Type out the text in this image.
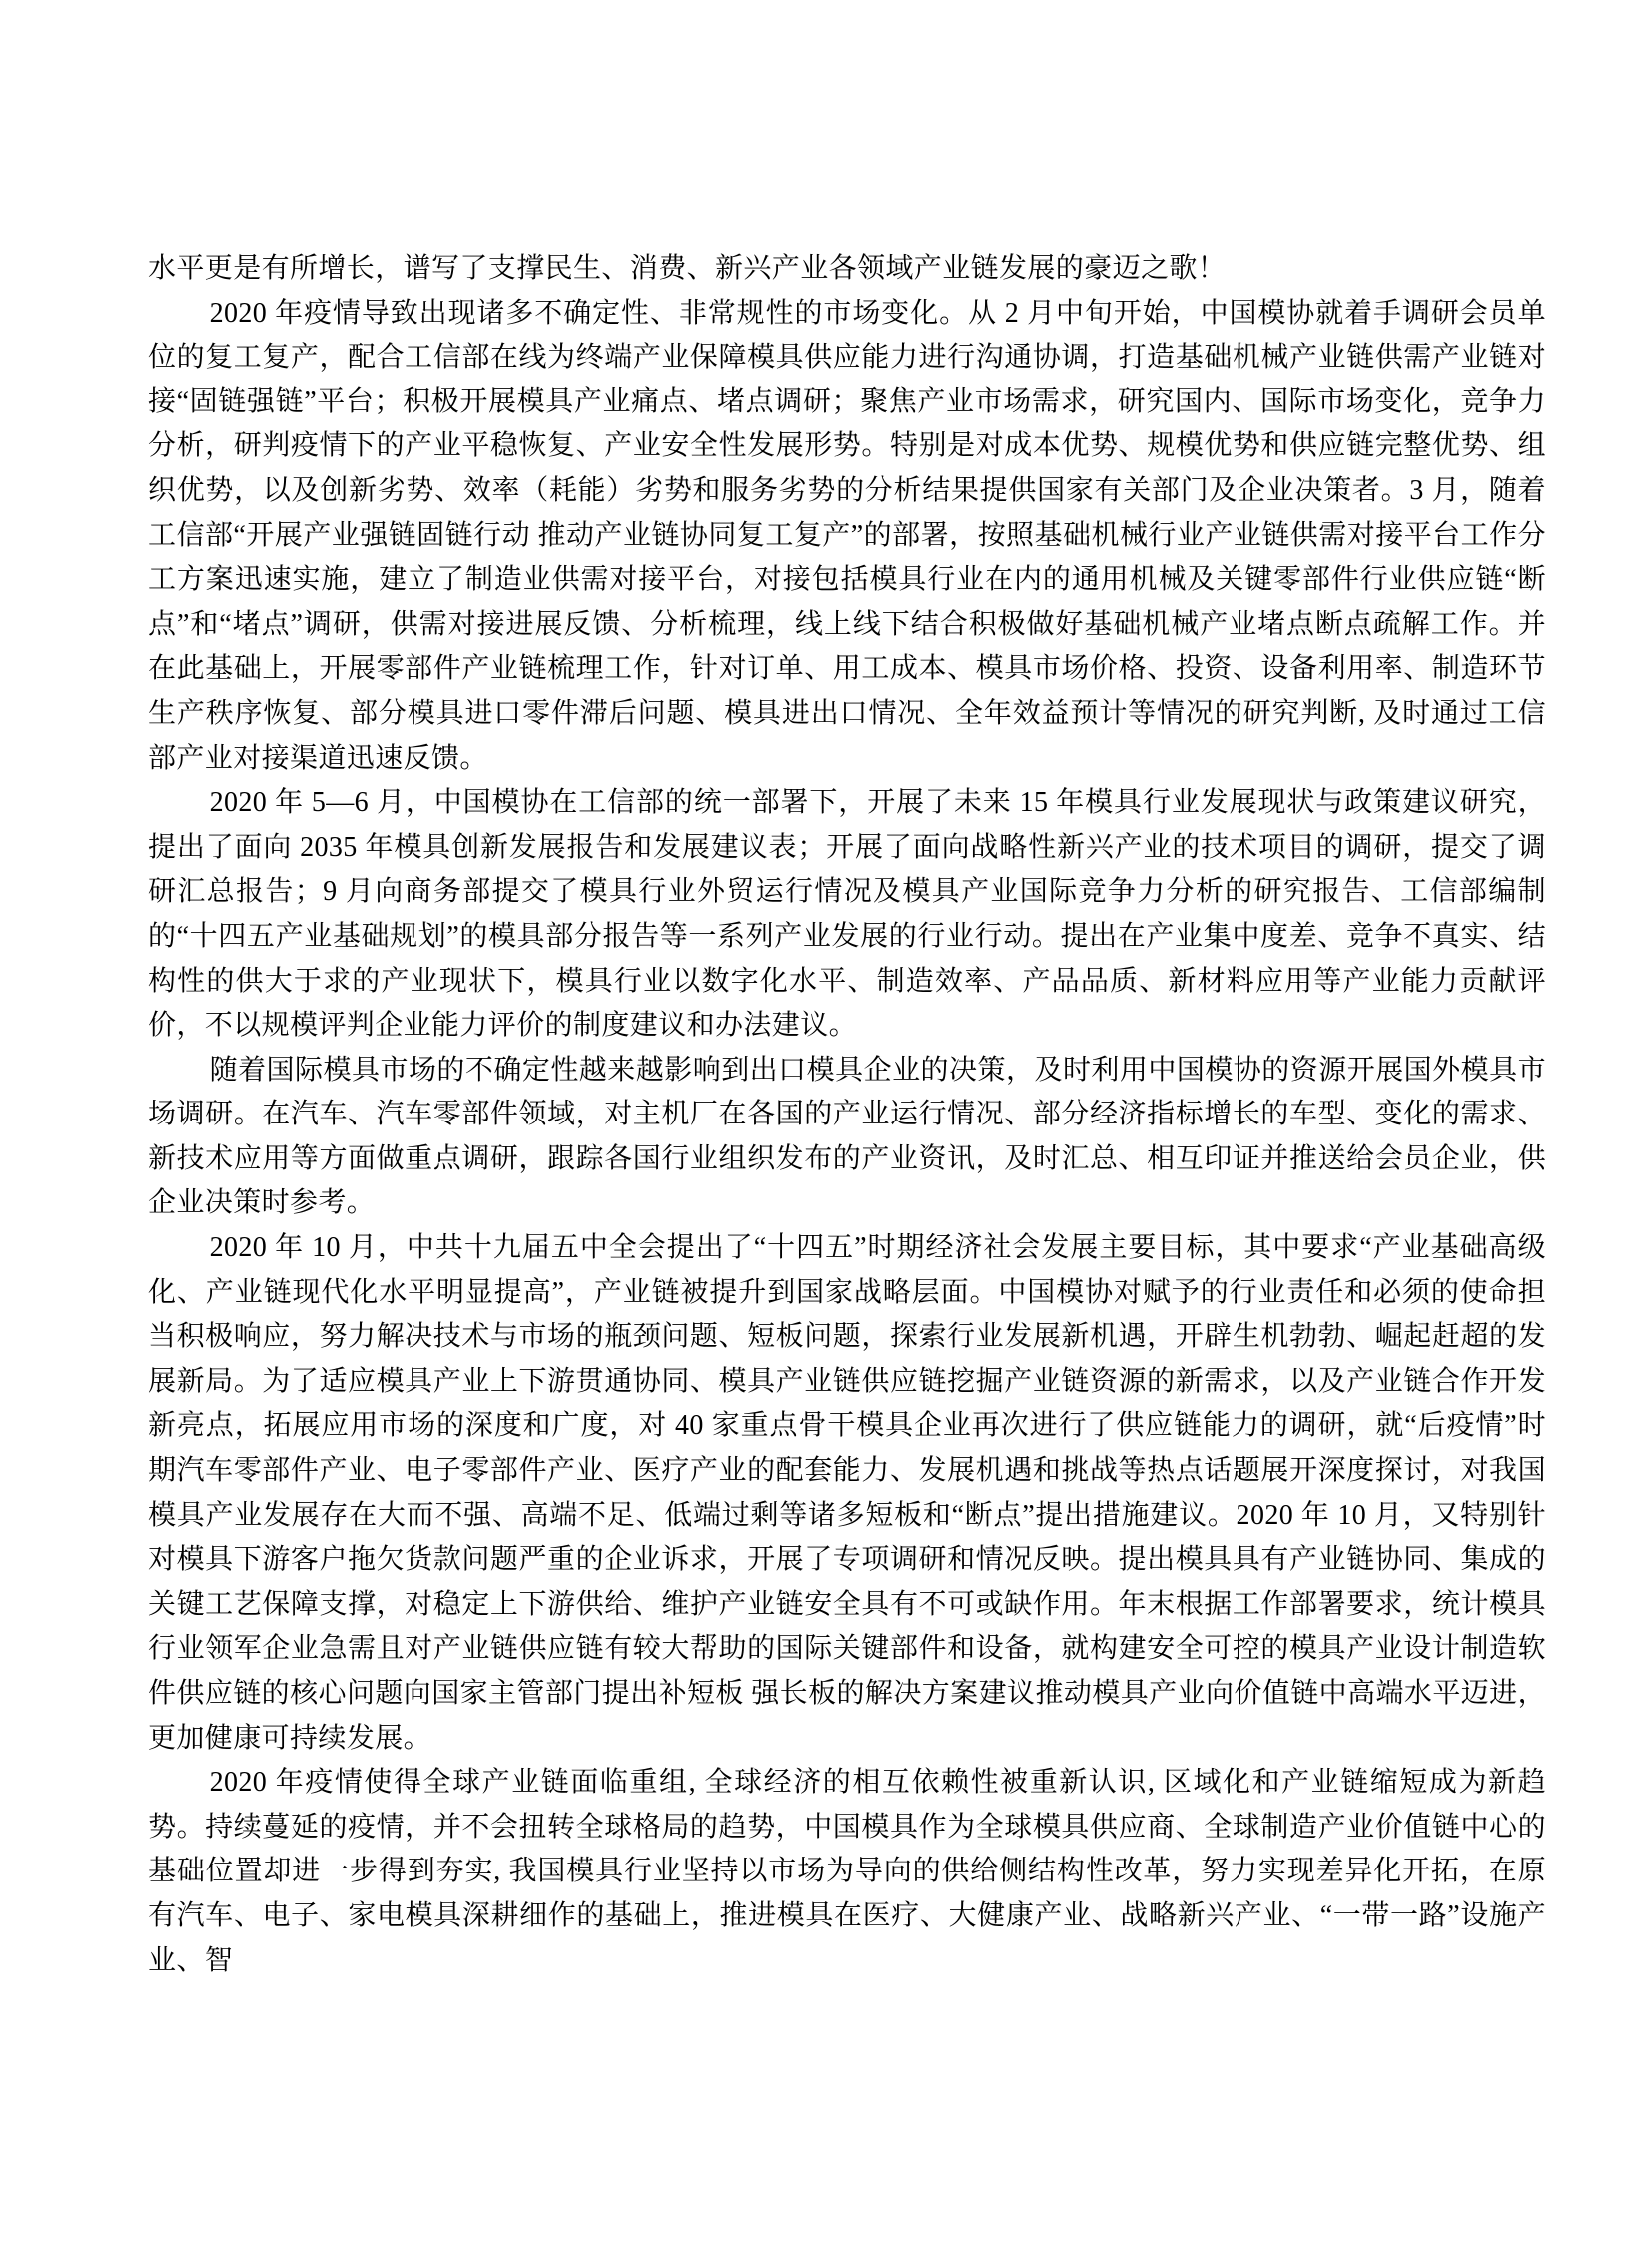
水平更是有所增长，谱写了支撑民生、消费、新兴产业各领域产业链发展的豪迈之歌！

2020 年疫情导致出现诸多不确定性、非常规性的市场变化。从 2 月中旬开始，中国模协就着手调研会员单位的复工复产，配合工信部在线为终端产业保障模具供应能力进行沟通协调，打造基础机械产业链供需产业链对接“固链强链”平台；积极开展模具产业痛点、堵点调研；聚焦产业市场需求，研究国内、国际市场变化，竞争力分析，研判疫情下的产业平稳恢复、产业安全性发展形势。特别是对成本优势、规模优势和供应链完整优势、组织优势，以及创新劣势、效率（耗能）劣势和服务劣势的分析结果提供国家有关部门及企业决策者。3 月，随着工信部“开展产业强链固链行动 推动产业链协同复工复产”的部署，按照基础机械行业产业链供需对接平台工作分工方案迅速实施，建立了制造业供需对接平台，对接包括模具行业在内的通用机械及关键零部件行业供应链“断点”和“堵点”调研，供需对接进展反馈、分析梳理，线上线下结合积极做好基础机械产业堵点断点疏解工作。并在此基础上，开展零部件产业链梳理工作，针对订单、用工成本、模具市场价格、投资、设备利用率、制造环节生产秩序恢复、部分模具进口零件滞后问题、模具进出口情况、全年效益预计等情况的研究判断, 及时通过工信部产业对接渠道迅速反馈。

2020 年 5—6 月，中国模协在工信部的统一部署下，开展了未来 15 年模具行业发展现状与政策建议研究，提出了面向 2035 年模具创新发展报告和发展建议表；开展了面向战略性新兴产业的技术项目的调研，提交了调研汇总报告；9 月向商务部提交了模具行业外贸运行情况及模具产业国际竞争力分析的研究报告、工信部编制的“十四五产业基础规划”的模具部分报告等一系列产业发展的行业行动。提出在产业集中度差、竞争不真实、结构性的供大于求的产业现状下，模具行业以数字化水平、制造效率、产品品质、新材料应用等产业能力贡献评价，不以规模评判企业能力评价的制度建议和办法建议。

随着国际模具市场的不确定性越来越影响到出口模具企业的决策，及时利用中国模协的资源开展国外模具市场调研。在汽车、汽车零部件领域，对主机厂在各国的产业运行情况、部分经济指标增长的车型、变化的需求、新技术应用等方面做重点调研，跟踪各国行业组织发布的产业资讯，及时汇总、相互印证并推送给会员企业，供企业决策时参考。

2020 年 10 月，中共十九届五中全会提出了“十四五”时期经济社会发展主要目标，其中要求“产业基础高级化、产业链现代化水平明显提高”，产业链被提升到国家战略层面。中国模协对赋予的行业责任和必须的使命担当积极响应，努力解决技术与市场的瓶颈问题、短板问题，探索行业发展新机遇，开辟生机勃勃、崛起赶超的发展新局。为了适应模具产业上下游贯通协同、模具产业链供应链挖掘产业链资源的新需求，以及产业链合作开发新亮点，拓展应用市场的深度和广度，对 40 家重点骨干模具企业再次进行了供应链能力的调研，就“后疫情”时期汽车零部件产业、电子零部件产业、医疗产业的配套能力、发展机遇和挑战等热点话题展开深度探讨，对我国模具产业发展存在大而不强、高端不足、低端过剩等诸多短板和“断点”提出措施建议。2020 年 10 月，又特别针对模具下游客户拖欠货款问题严重的企业诉求，开展了专项调研和情况反映。提出模具具有产业链协同、集成的关键工艺保障支撑，对稳定上下游供给、维护产业链安全具有不可或缺作用。年末根据工作部署要求，统计模具行业领军企业急需且对产业链供应链有较大帮助的国际关键部件和设备，就构建安全可控的模具产业设计制造软件供应链的核心问题向国家主管部门提出补短板 强长板的解决方案建议推动模具产业向价值链中高端水平迈进，更加健康可持续发展。

2020 年疫情使得全球产业链面临重组, 全球经济的相互依赖性被重新认识, 区域化和产业链缩短成为新趋势。持续蔓延的疫情，并不会扭转全球格局的趋势，中国模具作为全球模具供应商、全球制造产业价值链中心的基础位置却进一步得到夯实, 我国模具行业坚持以市场为导向的供给侧结构性改革，努力实现差异化开拓，在原有汽车、电子、家电模具深耕细作的基础上，推进模具在医疗、大健康产业、战略新兴产业、“一带一路”设施产业、智
